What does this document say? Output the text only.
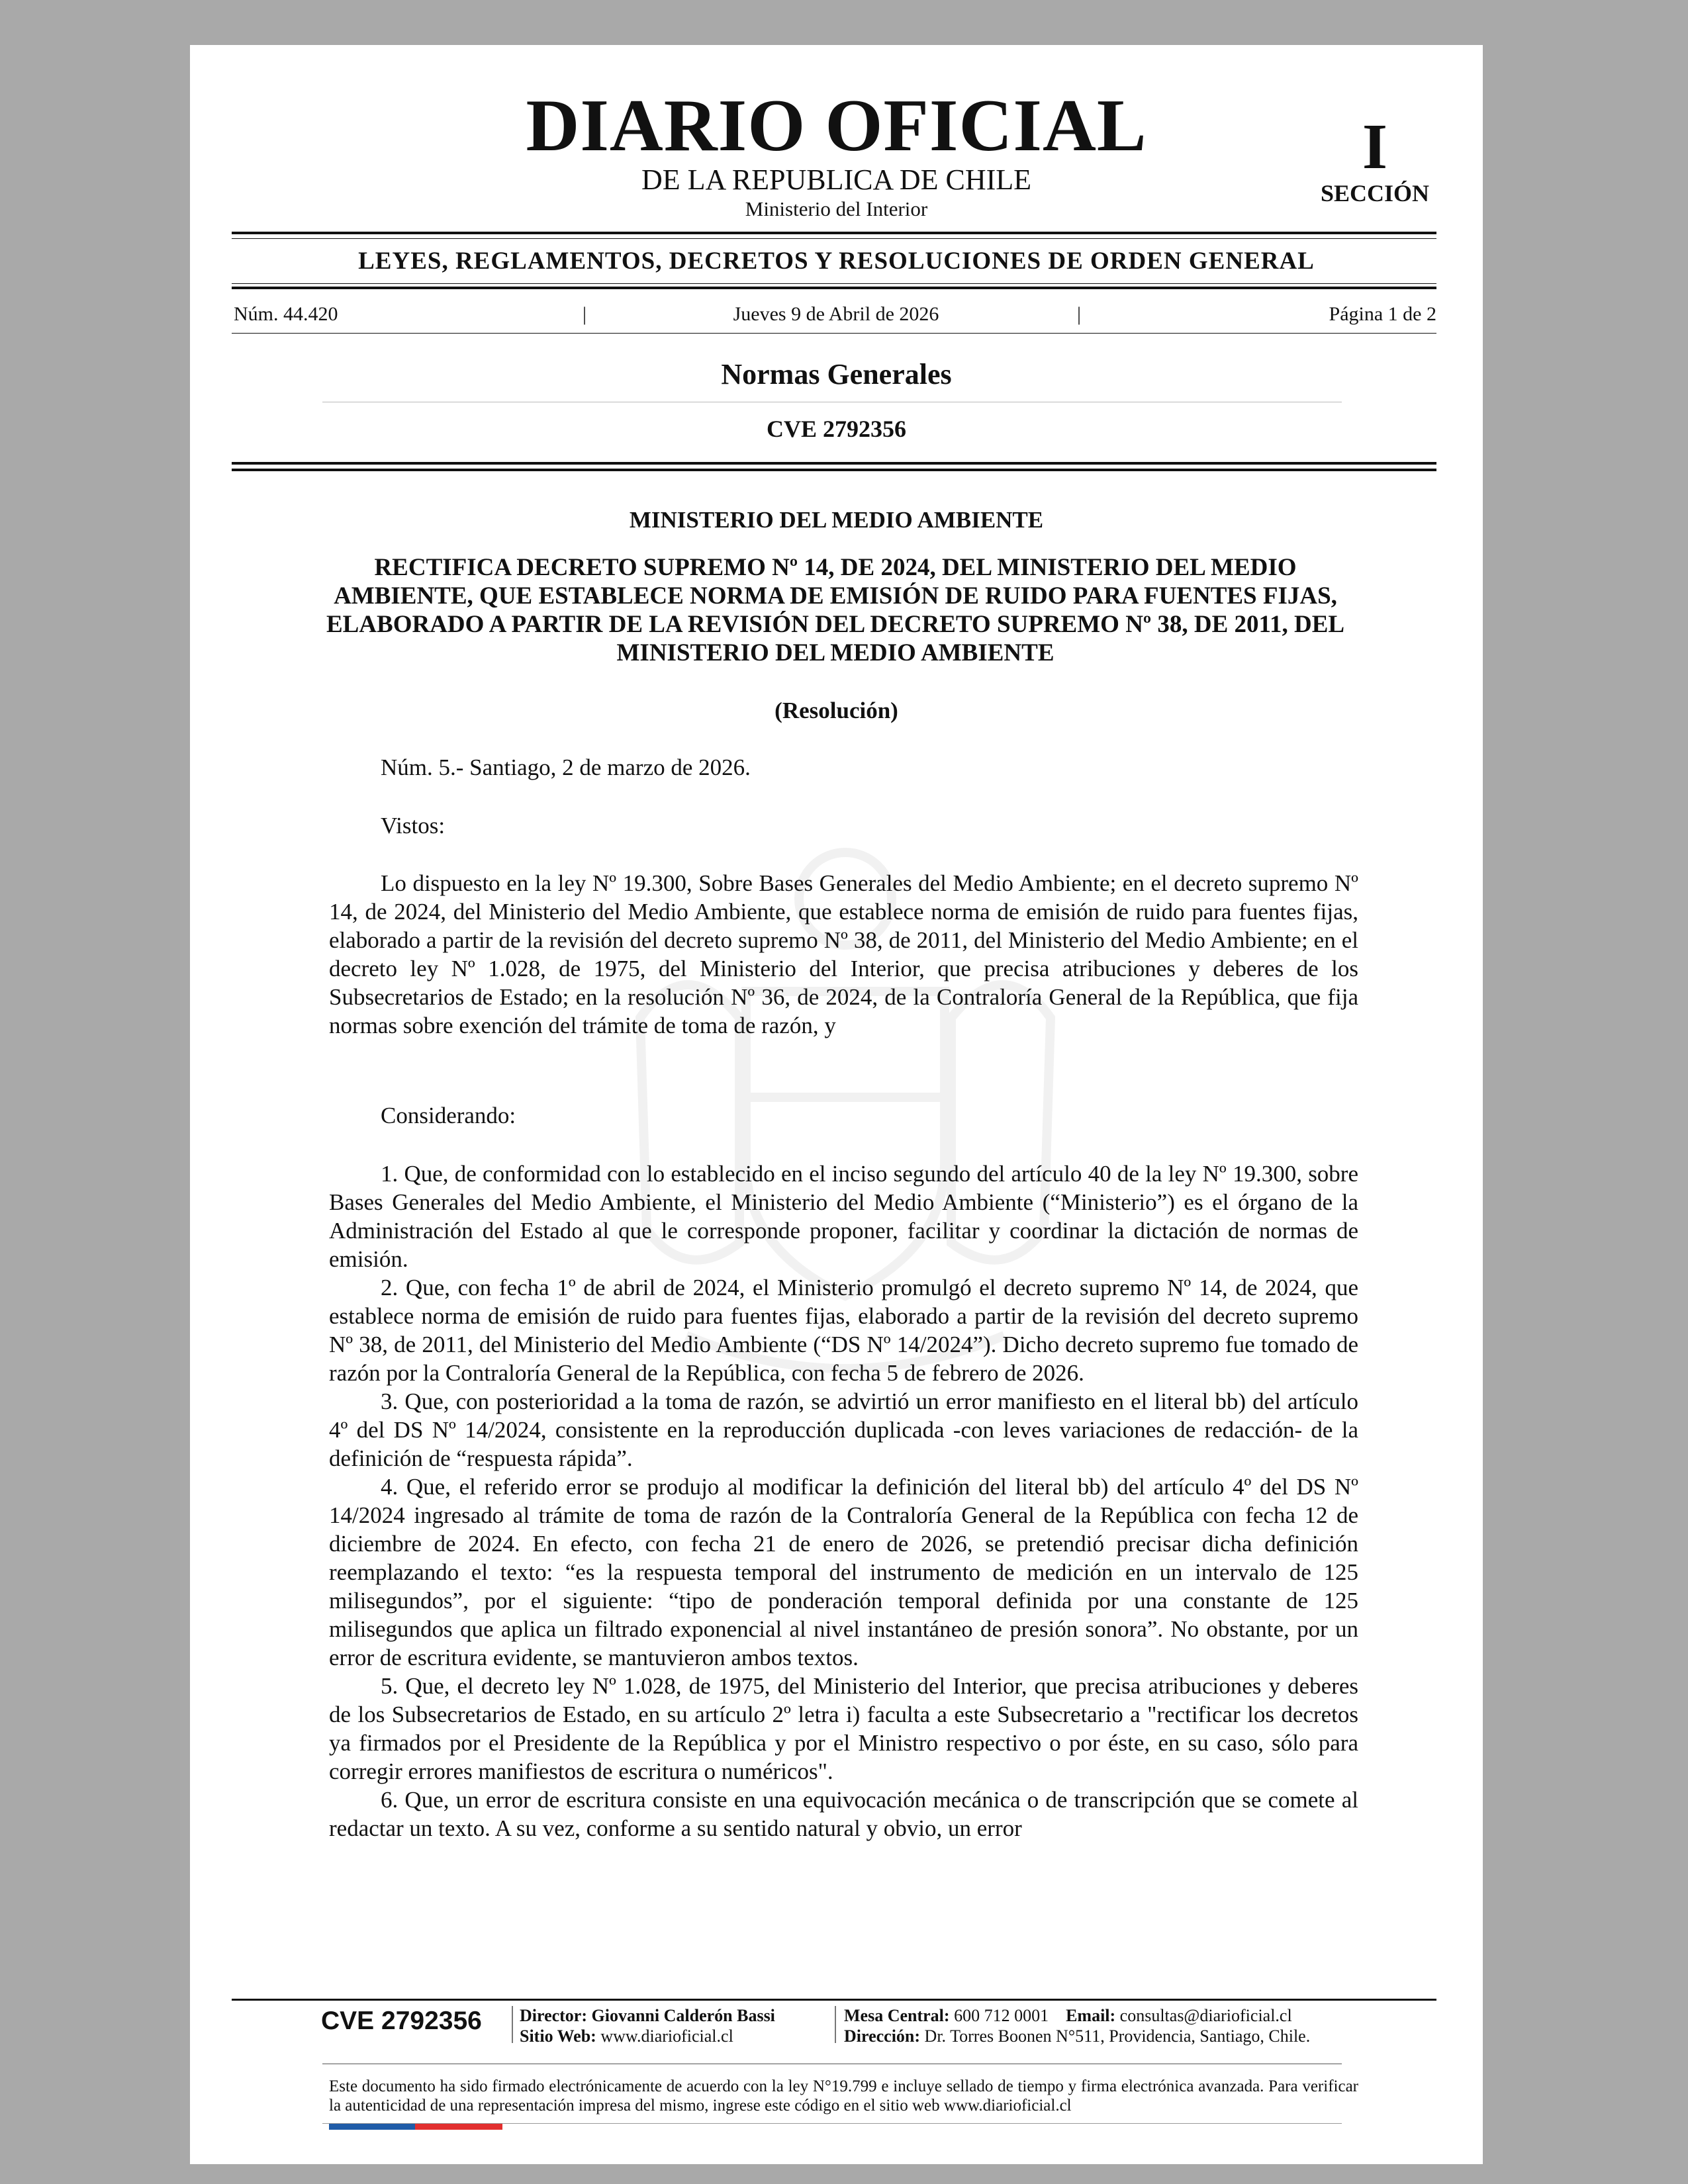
DIARIO OFICIAL
DE LA REPUBLICA DE CHILE
Ministerio del Interior
I
SECCIÓN
LEYES, REGLAMENTOS, DECRETOS Y RESOLUCIONES DE ORDEN GENERAL
Núm. 44.420	|	Jueves 9 de Abril de 2026	|	Página 1 de 2
Normas Generales
CVE 2792356
MINISTERIO DEL MEDIO AMBIENTE
RECTIFICA DECRETO SUPREMO Nº 14, DE 2024, DEL MINISTERIO DEL MEDIO AMBIENTE, QUE ESTABLECE NORMA DE EMISIÓN DE RUIDO PARA FUENTES FIJAS, ELABORADO A PARTIR DE LA REVISIÓN DEL DECRETO SUPREMO Nº 38, DE 2011, DEL MINISTERIO DEL MEDIO AMBIENTE
(Resolución)
Núm. 5.- Santiago, 2 de marzo de 2026.
Vistos:
Lo dispuesto en la ley Nº 19.300, Sobre Bases Generales del Medio Ambiente; en el decreto supremo Nº 14, de 2024, del Ministerio del Medio Ambiente, que establece norma de emisión de ruido para fuentes fijas, elaborado a partir de la revisión del decreto supremo Nº 38, de 2011, del Ministerio del Medio Ambiente; en el decreto ley Nº 1.028, de 1975, del Ministerio del Interior, que precisa atribuciones y deberes de los Subsecretarios de Estado; en la resolución Nº 36, de 2024, de la Contraloría General de la República, que fija normas sobre exención del trámite de toma de razón, y
Considerando:

1. Que, de conformidad con lo establecido en el inciso segundo del artículo 40 de la ley Nº 19.300, sobre Bases Generales del Medio Ambiente, el Ministerio del Medio Ambiente (“Ministerio”) es el órgano de la Administración del Estado al que le corresponde proponer, facilitar y coordinar la dictación de normas de emisión.

2. Que, con fecha 1º de abril de 2024, el Ministerio promulgó el decreto supremo Nº 14, de 2024, que establece norma de emisión de ruido para fuentes fijas, elaborado a partir de la revisión del decreto supremo Nº 38, de 2011, del Ministerio del Medio Ambiente (“DS Nº 14/2024”). Dicho decreto supremo fue tomado de razón por la Contraloría General de la República, con fecha 5 de febrero de 2026.

3. Que, con posterioridad a la toma de razón, se advirtió un error manifiesto en el literal bb) del artículo 4º del DS Nº 14/2024, consistente en la reproducción duplicada -con leves variaciones de redacción- de la definición de “respuesta rápida”.

4. Que, el referido error se produjo al modificar la definición del literal bb) del artículo 4º del DS Nº 14/2024 ingresado al trámite de toma de razón de la Contraloría General de la República con fecha 12 de diciembre de 2024. En efecto, con fecha 21 de enero de 2026, se pretendió precisar dicha definición reemplazando el texto: “es la respuesta temporal del instrumento de medición en un intervalo de 125 milisegundos”, por el siguiente: “tipo de ponderación temporal definida por una constante de 125 milisegundos que aplica un filtrado exponencial al nivel instantáneo de presión sonora”. No obstante, por un error de escritura evidente, se mantuvieron ambos textos.

5. Que, el decreto ley Nº 1.028, de 1975, del Ministerio del Interior, que precisa atribuciones y deberes de los Subsecretarios de Estado, en su artículo 2º letra i) faculta a este Subsecretario a "rectificar los decretos ya firmados por el Presidente de la República y por el Ministro respectivo o por éste, en su caso, sólo para corregir errores manifiestos de escritura o numéricos".

6. Que, un error de escritura consiste en una equivocación mecánica o de transcripción que se comete al redactar un texto. A su vez, conforme a su sentido natural y obvio, un error

CVE 2792356 Director: Giovanni Calderón Bassi
Sitio Web: www.diarioficial.cl
Mesa Central: 600 712 0001 Email: consultas@diarioficial.cl
Dirección: Dr. Torres Boonen N°511, Providencia, Santiago, Chile.
Este documento ha sido firmado electrónicamente de acuerdo con la ley N°19.799 e incluye sellado de tiempo y firma electrónica avanzada. Para verificar la autenticidad de una representación impresa del mismo, ingrese este código en el sitio web www.diarioficial.cl
